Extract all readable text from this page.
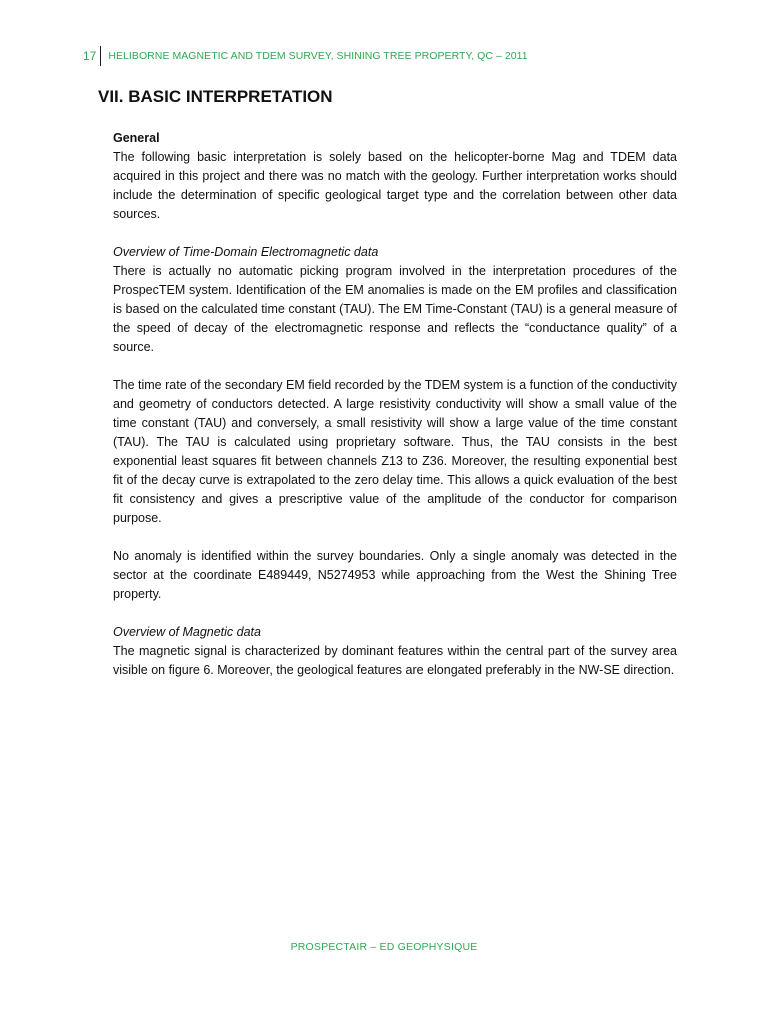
17	HELIBORNE MAGNETIC AND TDEM SURVEY, SHINING TREE PROPERTY, QC – 2011
VII. BASIC INTERPRETATION

General

The following basic interpretation is solely based on the helicopter-borne Mag and TDEM data acquired in this project and there was no match with the geology. Further interpretation works should include the determination of specific geological target type and the correlation between other data sources.

Overview of Time-Domain Electromagnetic data

There is actually no automatic picking program involved in the interpretation procedures of the ProspecTEM system. Identification of the EM anomalies is made on the EM profiles and classification is based on the calculated time constant (TAU). The EM Time-Constant (TAU) is a general measure of the speed of decay of the electromagnetic response and reflects the “conductance quality” of a source.

The time rate of the secondary EM field recorded by the TDEM system is a function of the conductivity and geometry of conductors detected. A large resistivity conductivity will show a small value of the time constant (TAU) and conversely, a small resistivity will show a large value of the time constant (TAU). The TAU is calculated using proprietary software. Thus, the TAU consists in the best exponential least squares fit between channels Z13 to Z36. Moreover, the resulting exponential best fit of the decay curve is extrapolated to the zero delay time. This allows a quick evaluation of the best fit consistency and gives a prescriptive value of the amplitude of the conductor for comparison purpose.

No anomaly is identified within the survey boundaries. Only a single anomaly was detected in the sector at the coordinate E489449, N5274953 while approaching from the West the Shining Tree property.

Overview of Magnetic data

The magnetic signal is characterized by dominant features within the central part of the survey area visible on figure 6. Moreover, the geological features are elongated preferably in the NW-SE direction.

PROSPECTAIR – ED GEOPHYSIQUE
